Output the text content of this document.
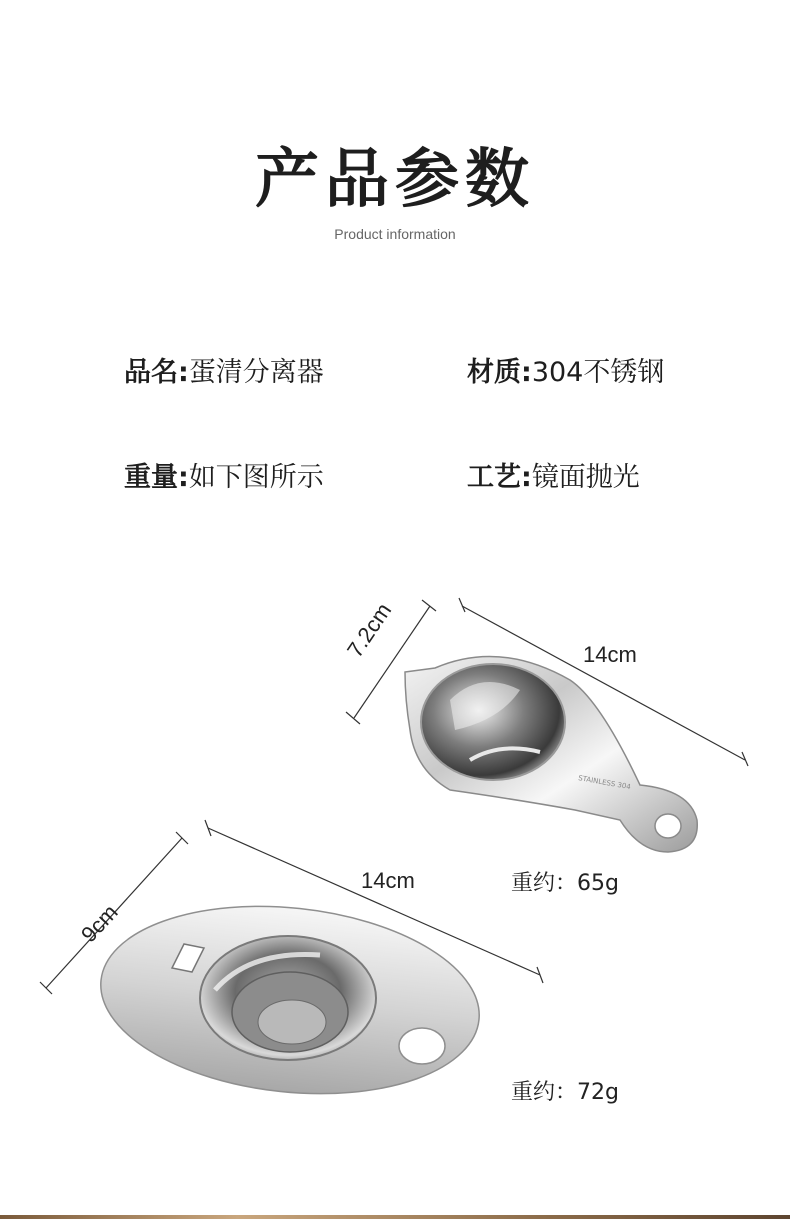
产品参数
Product information
品名:蛋清分离器	材质:304不锈钢
重量:如下图所示	工艺:镜面抛光
STAINLESS 304
7.2cm	14cm
重约：65g
9cm
14cm
重约：72g
